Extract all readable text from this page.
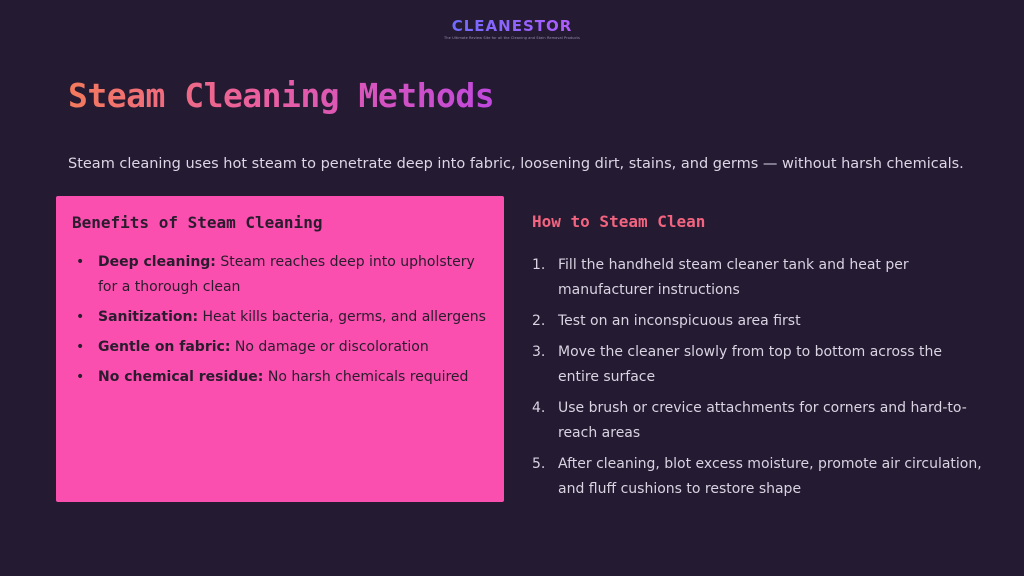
CLEANESTOR
The Ultimate Review Site for all the Cleaning and Stain Removal Products
Steam Cleaning Methods

Steam cleaning uses hot steam to penetrate deep into fabric, loosening dirt, stains, and germs — without harsh chemicals.

Benefits of Steam Cleaning
• Deep cleaning: Steam reaches deep into upholstery for a thorough clean
• Sanitization: Heat kills bacteria, germs, and allergens
• Gentle on fabric: No damage or discoloration
• No chemical residue: No harsh chemicals required
How to Steam Clean
1. Fill the handheld steam cleaner tank and heat per manufacturer instructions
2. Test on an inconspicuous area first
3. Move the cleaner slowly from top to bottom across the entire surface
4. Use brush or crevice attachments for corners and hard-to-reach areas
5. After cleaning, blot excess moisture, promote air circulation, and fluff cushions to restore shape
